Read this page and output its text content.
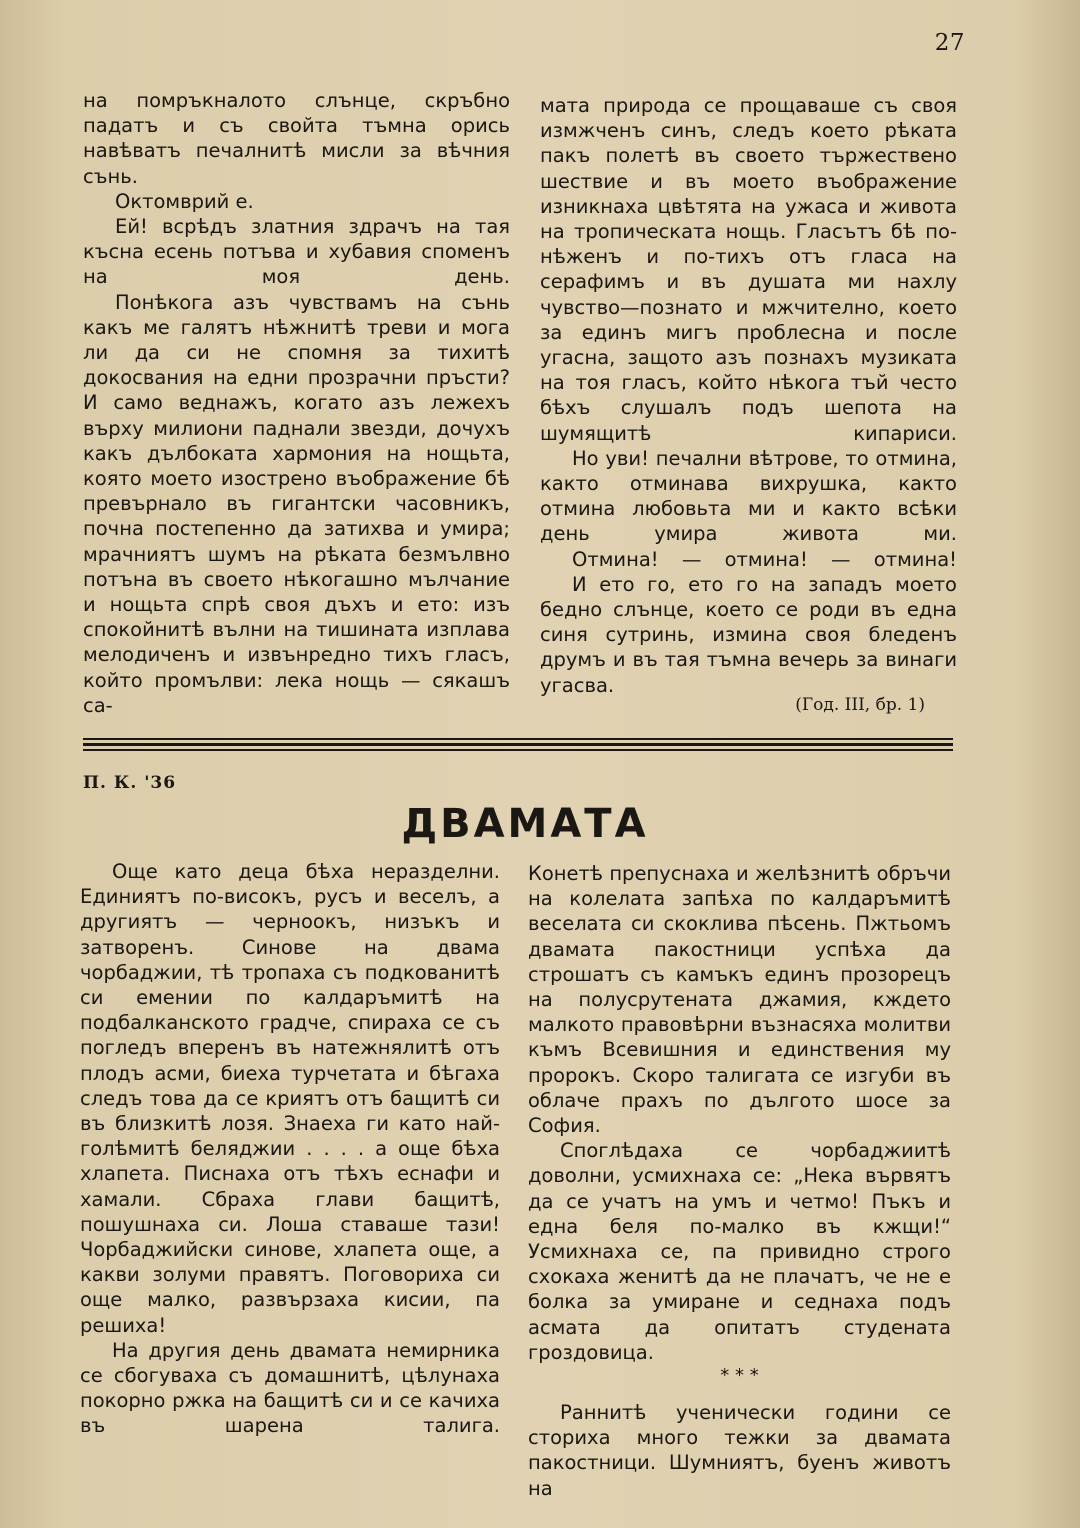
27

на помръкналото слънце, скръбно падатъ и съ свойта тъмна орись навѣватъ печалнитѣ мисли за вѣчния сънь.

Октомврий е.

Ей! всрѣдъ златния здрачъ на тая късна есень потъва и хубавия споменъ на моя день.

Понѣкога азъ чувствамъ на сънь какъ ме галятъ нѣжнитѣ треви и мога ли да си не спомня за тихитѣ докосвания на едни прозрачни пръсти? И само веднажъ, когато азъ лежехъ върху милиони паднали звезди, дочухъ какъ дълбоката хармония на нощьта, която моето изострено въображение бѣ превърнало въ гигантски часовникъ, почна постепенно да затихва и умира; мрачниятъ шумъ на рѣката безмълвно потъна въ своето нѣкогашно мълчание и нощьта спрѣ своя дъхъ и ето: изъ спокойнитѣ вълни на тишината изплава мелодиченъ и извънредно тихъ гласъ, който промълви: лека нощь — сякашъ са-

мата природа се прощаваше съ своя измжченъ синъ, следъ което рѣката пакъ полетѣ въ своето тържествено шествие и въ моето въображение изникнаха цвѣтята на ужаса и живота на тропическата нощь. Гласътъ бѣ по-нѣженъ и по-тихъ отъ гласа на серафимъ и въ душата ми нахлу чувство—познато и мжчително, което за единъ мигъ проблесна и после угасна, защото азъ познахъ музиката на тоя гласъ, който нѣкога тъй често бѣхъ слушалъ подъ шепота на шумящитѣ кипариси.

Но уви! печални вѣтрове, то отмина, както отминава вихрушка, както отмина любовьта ми и както всѣки день умира живота ми.

Отмина! — отмина! — отмина!

И ето го, ето го на западъ моето бедно слънце, което се роди въ една синя сутринь, измина своя бледенъ друмъ и въ тая тъмна вечерь за винаги угасва.

(Год. III, бр. 1)
П. К. '36
ДВАМАТА

Още като деца бѣха неразделни. Единиятъ по-високъ, русъ и веселъ, а другиятъ — черноокъ, низъкъ и затворенъ. Синове на двама чорбаджии, тѣ тропаха съ подкованитѣ си емении по калдаръмитѣ на подбалканското градче, спираха се съ погледъ вперенъ въ натежнялитѣ отъ плодъ асми, биеха турчетата и бѣгаха следъ това да се криятъ отъ бащитѣ си въ близкитѣ лозя. Знаеха ги като най-голѣмитѣ беляджии . . . . а още бѣха хлапета. Писнаха отъ тѣхъ еснафи и хамали. Сбраха глави бащитѣ, пошушнаха си. Лоша ставаше тази! Чорбаджийски синове, хлапета още, а какви золуми правятъ. Поговориха си още малко, развързаха кисии, па решиха!

На другия день двамата немирника се сбогуваха съ домашнитѣ, цѣлунаха покорно ржка на бащитѣ си и се качиха въ шарена талига.

Конетѣ препуснаха и желѣзнитѣ обръчи на колелата запѣха по калдаръмитѣ веселата си скоклива пѣсень. Пжтьомъ двамата пакостници успѣха да строшатъ съ камъкъ единъ прозорецъ на полусрутената джамия, кждето малкото правовѣрни възнасяха молитви къмъ Всевишния и единствения му пророкъ. Скоро талигата се изгуби въ облаче прахъ по дългото шосе за София.

Споглѣдаха се чорбаджиитѣ доволни, усмихнаха се: „Нека вървятъ да се учатъ на умъ и четмо! Пъкъ и една беля по-малко въ кжщи!“ Усмихнаха се, па привидно строго схокаха женитѣ да не плачатъ, че не е болка за умиране и седнаха подъ асмата да опитатъ студената гроздовица.

* * *

Раннитѣ ученически години се сториха много тежки за двамата пакостници. Шумниятъ, буенъ животъ на
